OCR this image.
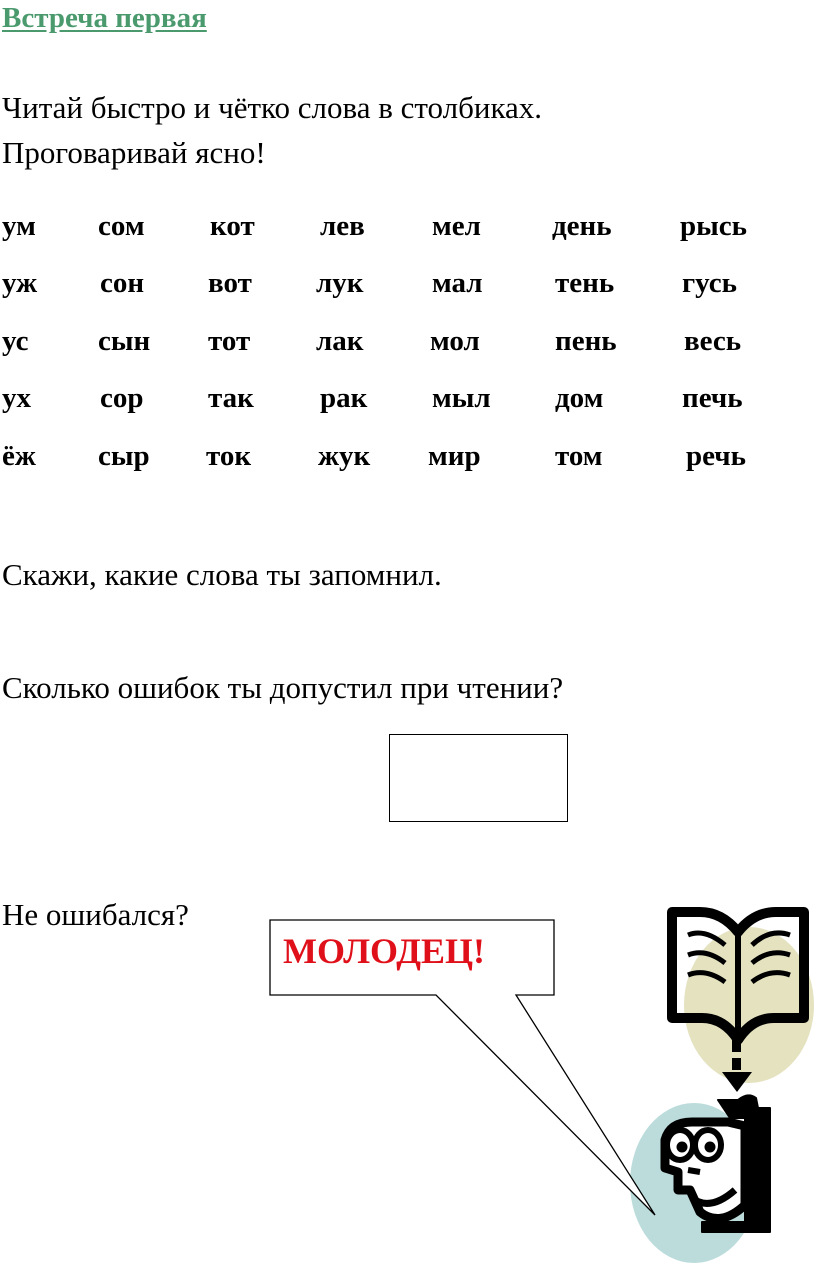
Встреча первая
Читай быстро и чётко слова в столбиках.
Проговаривай ясно!
ум сом кот лев мел день рысь
уж сон вот лук мал тень гусь
ус сын тот лак мол	пень весь
ух сор так рак мыл дом	печь
ёж сыр ток жук мир	том	речь
Скажи, какие слова ты запомнил.
Сколько ошибок ты допустил при чтении?
Не ошибался?
МОЛОДЕЦ!
